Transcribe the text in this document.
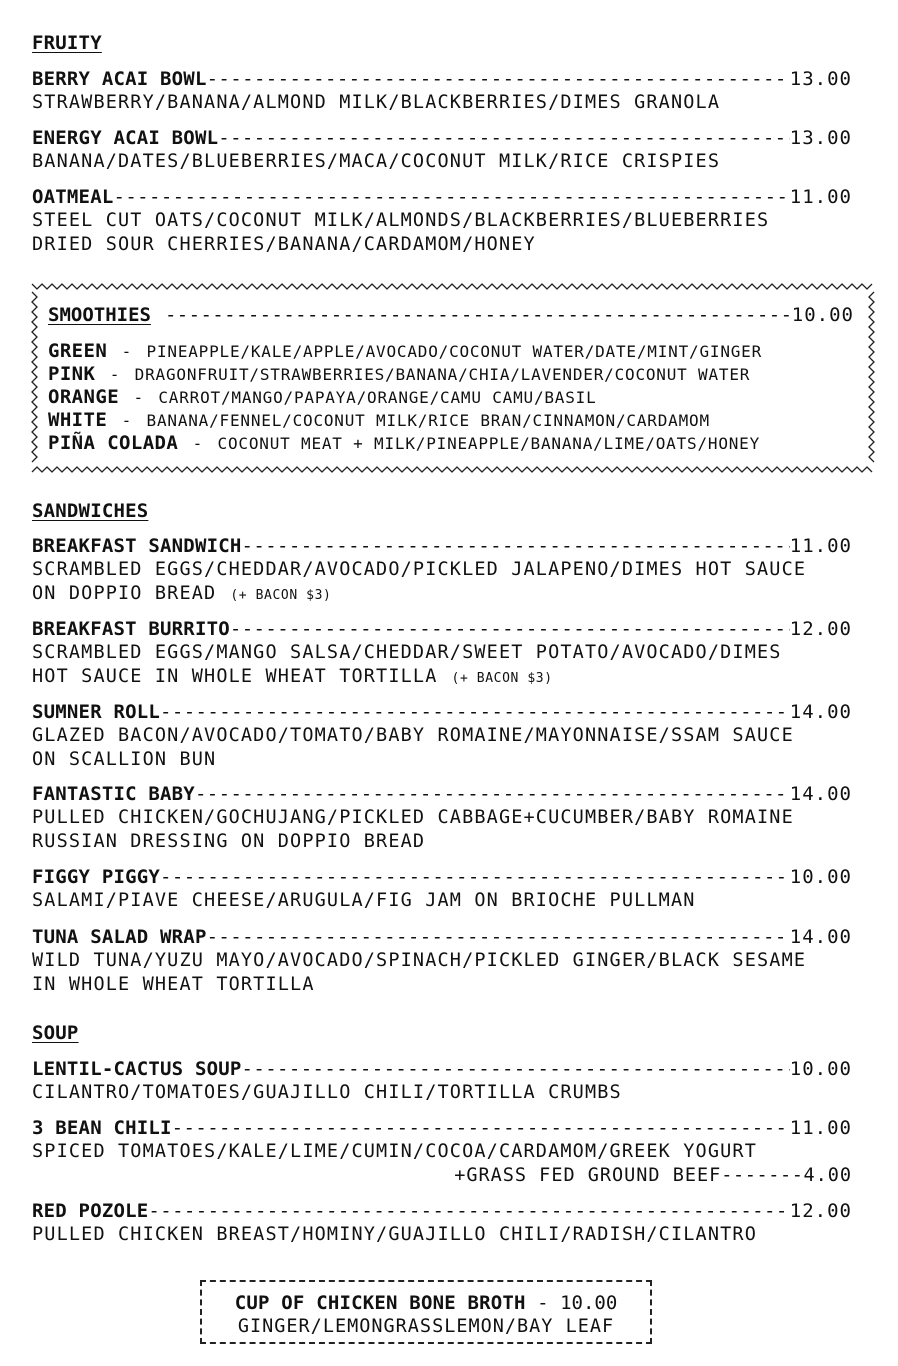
FRUITY
BERRY ACAI BOWL -----	13.00
STRAWBERRY/BANANA/ALMOND MILK/BLACKBERRIES/DIMES GRANOLA
ENERGY ACAI BOWL -----	13.00
BANANA/DATES/BLUEBERRIES/MACA/COCONUT MILK/RICE CRISPIES
OATMEAL -----	11.00
STEEL CUT OATS/COCONUT MILK/ALMONDS/BLACKBERRIES/BLUEBERRIES
DRIED SOUR CHERRIES/BANANA/CARDAMOM/HONEY
SMOOTHIES -----	10.00
GREEN - PINEAPPLE/KALE/APPLE/AVOCADO/COCONUT WATER/DATE/MINT/GINGER
PINK - DRAGONFRUIT/STRAWBERRIES/BANANA/CHIA/LAVENDER/COCONUT WATER
ORANGE - CARROT/MANGO/PAPAYA/ORANGE/CAMU CAMU/BASIL
WHITE - BANANA/FENNEL/COCONUT MILK/RICE BRAN/CINNAMON/CARDAMOM
PIÑA COLADA - COCONUT MEAT + MILK/PINEAPPLE/BANANA/LIME/OATS/HONEY
SANDWICHES
BREAKFAST SANDWICH -----	11.00
SCRAMBLED EGGS/CHEDDAR/AVOCADO/PICKLED JALAPENO/DIMES HOT SAUCE
ON DOPPIO BREAD (+ BACON $3)
BREAKFAST BURRITO -----	12.00
SCRAMBLED EGGS/MANGO SALSA/CHEDDAR/SWEET POTATO/AVOCADO/DIMES
HOT SAUCE IN WHOLE WHEAT TORTILLA (+ BACON $3)
SUMNER ROLL -----	14.00
GLAZED BACON/AVOCADO/TOMATO/BABY ROMAINE/MAYONNAISE/SSAM SAUCE
ON SCALLION BUN
FANTASTIC BABY -----	14.00
PULLED CHICKEN/GOCHUJANG/PICKLED CABBAGE+CUCUMBER/BABY ROMAINE
RUSSIAN DRESSING ON DOPPIO BREAD
FIGGY PIGGY -----	10.00
SALAMI/PIAVE CHEESE/ARUGULA/FIG JAM ON BRIOCHE PULLMAN
TUNA SALAD WRAP -----	14.00
WILD TUNA/YUZU MAYO/AVOCADO/SPINACH/PICKLED GINGER/BLACK SESAME
IN WHOLE WHEAT TORTILLA
SOUP
LENTIL-CACTUS SOUP -----	10.00
CILANTRO/TOMATOES/GUAJILLO CHILI/TORTILLA CRUMBS
3 BEAN CHILI -----	11.00
SPICED TOMATOES/KALE/LIME/CUMIN/COCOA/CARDAMOM/GREEK YOGURT
+GRASS FED GROUND BEEF ------- 4.00
RED POZOLE -----	12.00
PULLED CHICKEN BREAST/HOMINY/GUAJILLO CHILI/RADISH/CILANTRO
CUP OF CHICKEN BONE BROTH - 10.00
GINGER/LEMONGRASSLEMON/BAY LEAF
